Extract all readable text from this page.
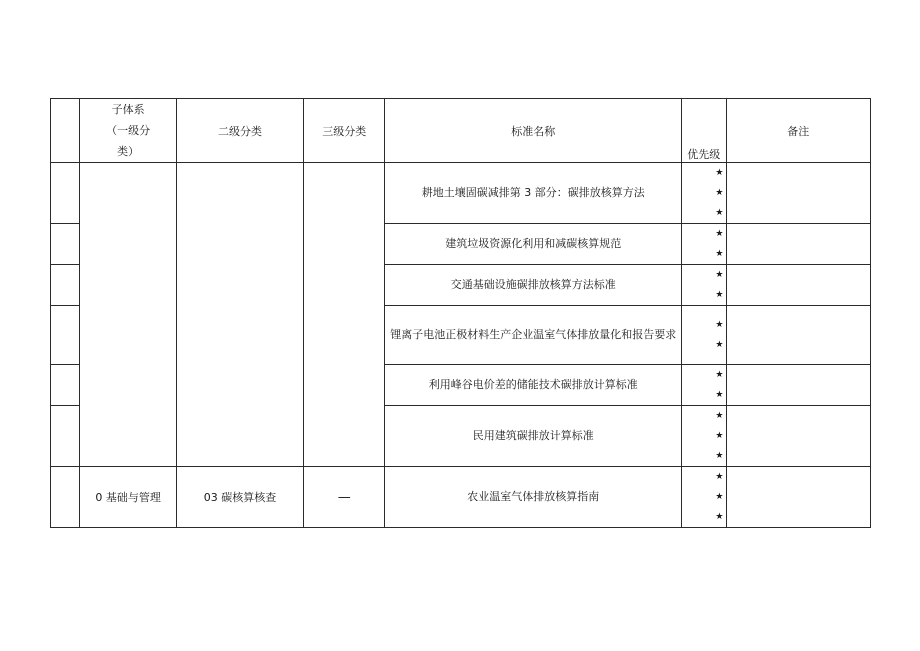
	子体系
（一级分
类）	二级分类	三级分类	标准名称	优先级	备注
				耕地土壤固碳减排第 3 部分：碳排放核算方法	★
★
★	
				建筑垃圾资源化利用和减碳核算规范	★
★	
				交通基础设施碳排放核算方法标准	★
★	
				锂离子电池正极材料生产企业温室气体排放量化和报告要求	★
★	
				利用峰谷电价差的储能技术碳排放计算标准	★
★	
				民用建筑碳排放计算标准	★
★
★	
	0 基础与管理	03 碳核算核查	—	农业温室气体排放核算指南	★
★
★	
